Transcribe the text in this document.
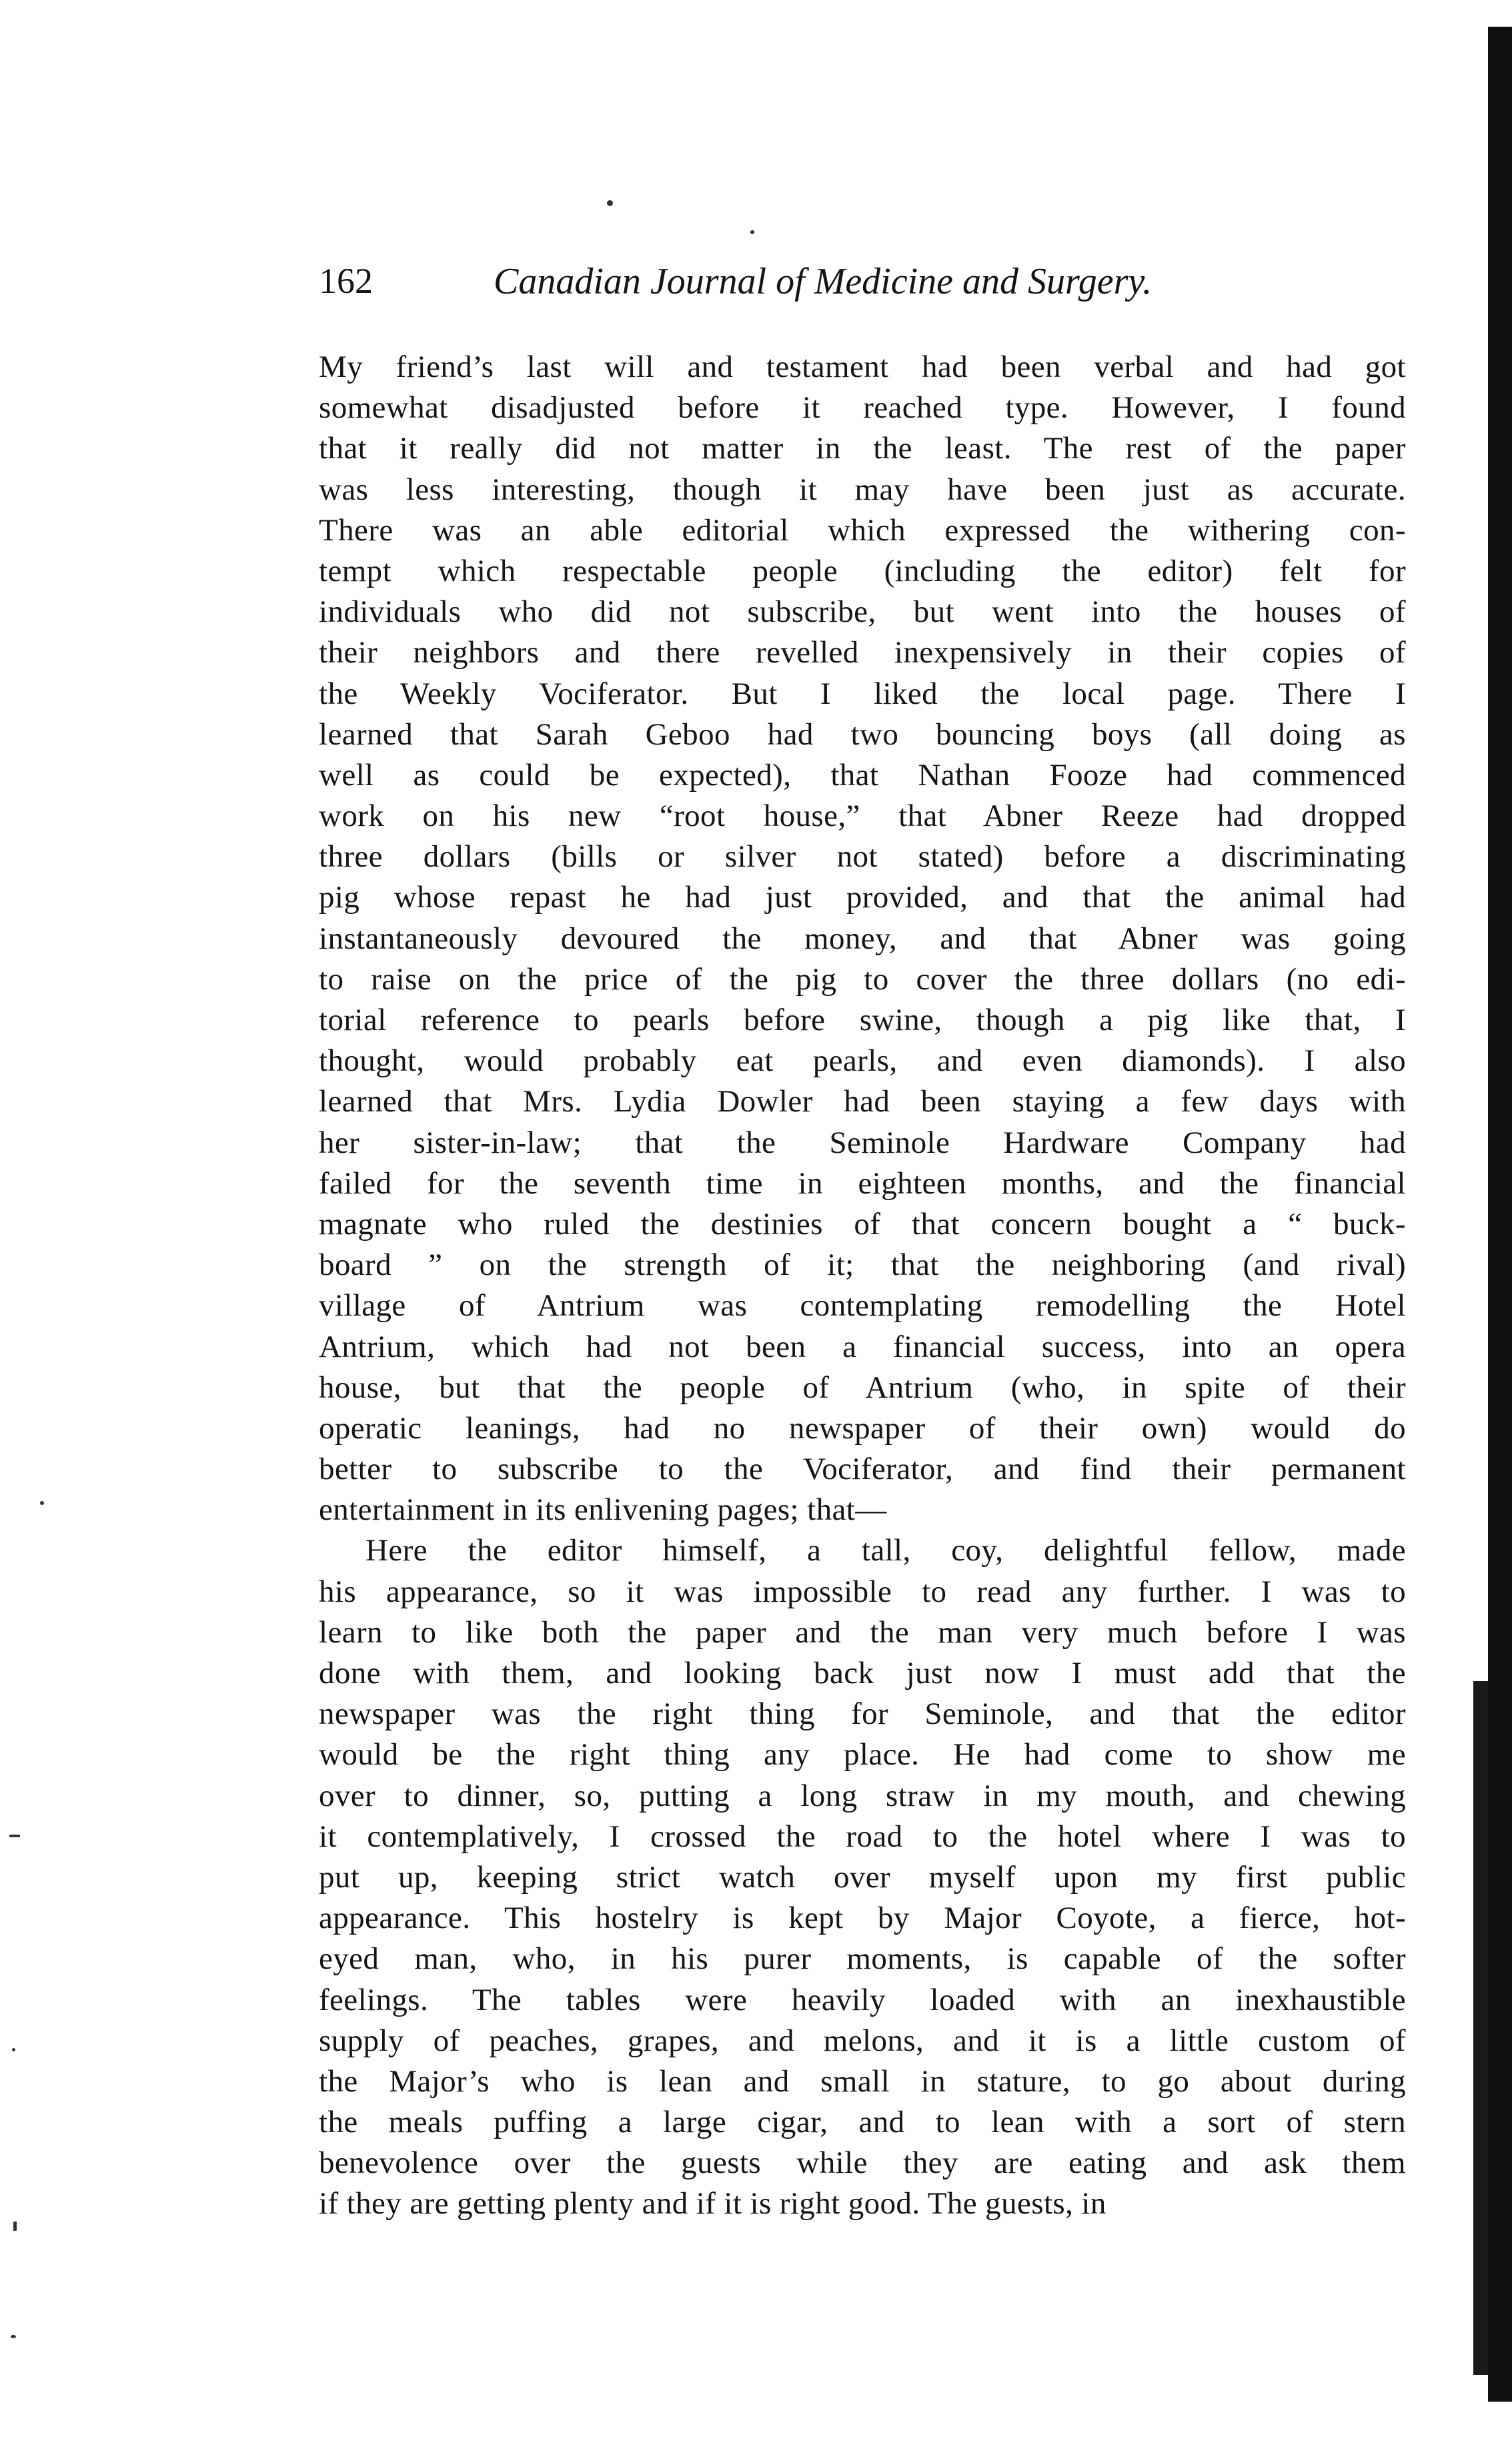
162	Canadian Journal of Medicine and Surgery.
My friend’s last will and testament had been verbal and had got
somewhat disadjusted before it reached type. However, I found
that it really did not matter in the least. The rest of the paper
was less interesting, though it may have been just as accurate.
There was an able editorial which expressed the withering con-
tempt which respectable people (including the editor) felt for
individuals who did not subscribe, but went into the houses of
their neighbors and there revelled inexpensively in their copies of
the Weekly Vociferator. But I liked the local page. There I
learned that Sarah Geboo had two bouncing boys (all doing as
well as could be expected), that Nathan Fooze had commenced
work on his new “root house,” that Abner Reeze had dropped
three dollars (bills or silver not stated) before a discriminating
pig whose repast he had just provided, and that the animal had
instantaneously devoured the money, and that Abner was going
to raise on the price of the pig to cover the three dollars (no edi-
torial reference to pearls before swine, though a pig like that, I
thought, would probably eat pearls, and even diamonds). I also
learned that Mrs. Lydia Dowler had been staying a few days with
her sister-in-law; that the Seminole Hardware Company had
failed for the seventh time in eighteen months, and the financial
magnate who ruled the destinies of that concern bought a “ buck-
board ” on the strength of it; that the neighboring (and rival)
village of Antrium was contemplating remodelling the Hotel
Antrium, which had not been a financial success, into an opera
house, but that the people of Antrium (who, in spite of their
operatic leanings, had no newspaper of their own) would do
better to subscribe to the Vociferator, and find their permanent
entertainment in its enlivening pages; that—
Here the editor himself, a tall, coy, delightful fellow, made
his appearance, so it was impossible to read any further. I was to
learn to like both the paper and the man very much before I was
done with them, and looking back just now I must add that the
newspaper was the right thing for Seminole, and that the editor
would be the right thing any place. He had come to show me
over to dinner, so, putting a long straw in my mouth, and chewing
it contemplatively, I crossed the road to the hotel where I was to
put up, keeping strict watch over myself upon my first public
appearance. This hostelry is kept by Major Coyote, a fierce, hot-
eyed man, who, in his purer moments, is capable of the softer
feelings. The tables were heavily loaded with an inexhaustible
supply of peaches, grapes, and melons, and it is a little custom of
the Major’s who is lean and small in stature, to go about during
the meals puffing a large cigar, and to lean with a sort of stern
benevolence over the guests while they are eating and ask them
if they are getting plenty and if it is right good. The guests, in
